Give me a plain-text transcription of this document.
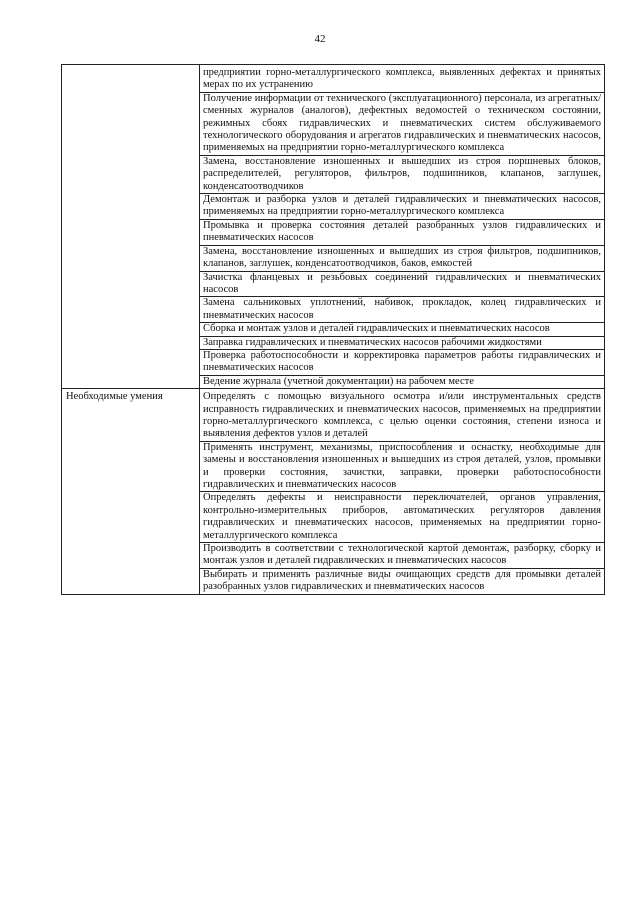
42
	предприятии горно-металлургического комплекса, выявленных дефектах и принятых мерах по их устранению
	Получение информации от технического (эксплуатационного) персонала, из агрегатных/сменных журналов (аналогов), дефектных ведомостей о техническом состоянии, режимных сбоях гидравлических и пневматических систем обслуживаемого технологического оборудования и агрегатов гидравлических и пневматических насосов, применяемых на предприятии горно-металлургического комплекса
	Замена, восстановление изношенных и вышедших из строя поршневых блоков, распределителей, регуляторов, фильтров, подшипников, клапанов, заглушек, конденсатоотводчиков
	Демонтаж и разборка узлов и деталей гидравлических и пневматических насосов, применяемых на предприятии горно-металлургического комплекса
	Промывка и проверка состояния деталей разобранных узлов гидравлических и пневматических насосов
	Замена, восстановление изношенных и вышедших из строя фильтров, подшипников, клапанов, заглушек, конденсатоотводчиков, баков, емкостей
	Зачистка фланцевых и резьбовых соединений гидравлических и пневматических насосов
	Замена сальниковых уплотнений, набивок, прокладок, колец гидравлических и пневматических насосов
	Сборка и монтаж узлов и деталей гидравлических и пневматических насосов
	Заправка гидравлических и пневматических насосов рабочими жидкостями
	Проверка работоспособности и корректировка параметров работы гидравлических и пневматических насосов
	Ведение журнала (учетной документации) на рабочем месте
Необходимые умения	Определять с помощью визуального осмотра и/или инструментальных средств исправность гидравлических и пневматических насосов, применяемых на предприятии горно-металлургического комплекса, с целью оценки состояния, степени износа и выявления дефектов узлов и деталей
	Применять инструмент, механизмы, приспособления и оснастку, необходимые для замены и восстановления изношенных и вышедших из строя деталей, узлов, промывки и проверки состояния, зачистки, заправки, проверки работоспособности гидравлических и пневматических насосов
	Определять дефекты и неисправности переключателей, органов управления, контрольно-измерительных приборов, автоматических регуляторов давления гидравлических и пневматических насосов, применяемых на предприятии горно-металлургического комплекса
	Производить в соответствии с технологической картой демонтаж, разборку, сборку и монтаж узлов и деталей гидравлических и пневматических насосов
	Выбирать и применять различные виды очищающих средств для промывки деталей разобранных узлов гидравлических и пневматических насосов
